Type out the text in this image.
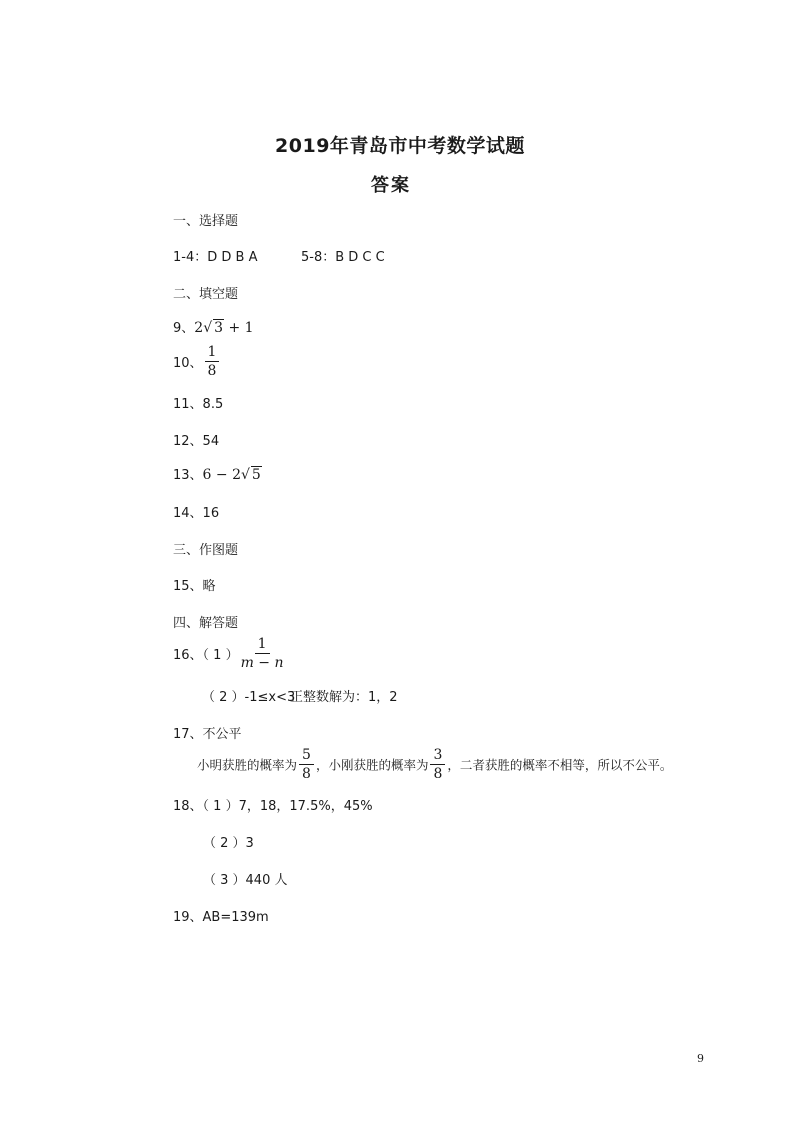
2019年青岛市中考数学试题
答案
一、选择题
1-4：D D B A	5-8：B D C C
二、填空题
9、2√ 3 + 1
10、 $\frac{1}{8}$
11、8.5
12、54
13、6 − 2√ 5
14、16
三、作图题
15、略
四、解答题
16、（ 1 ） $\frac{1}{m - n}$
（ 2 ）-1≤x<3
正整数解为：1，2
17、不公平
小明获胜的概率为 $\frac{5}{8}$ ，小刚获胜的概率为 $\frac{3}{8}$ ，二者获胜的概率不相等，所以不公平。
18、（ 1 ）7，18，17.5%，45%
（ 2 ）3
（ 3 ）440 人
19、AB=139m
9
